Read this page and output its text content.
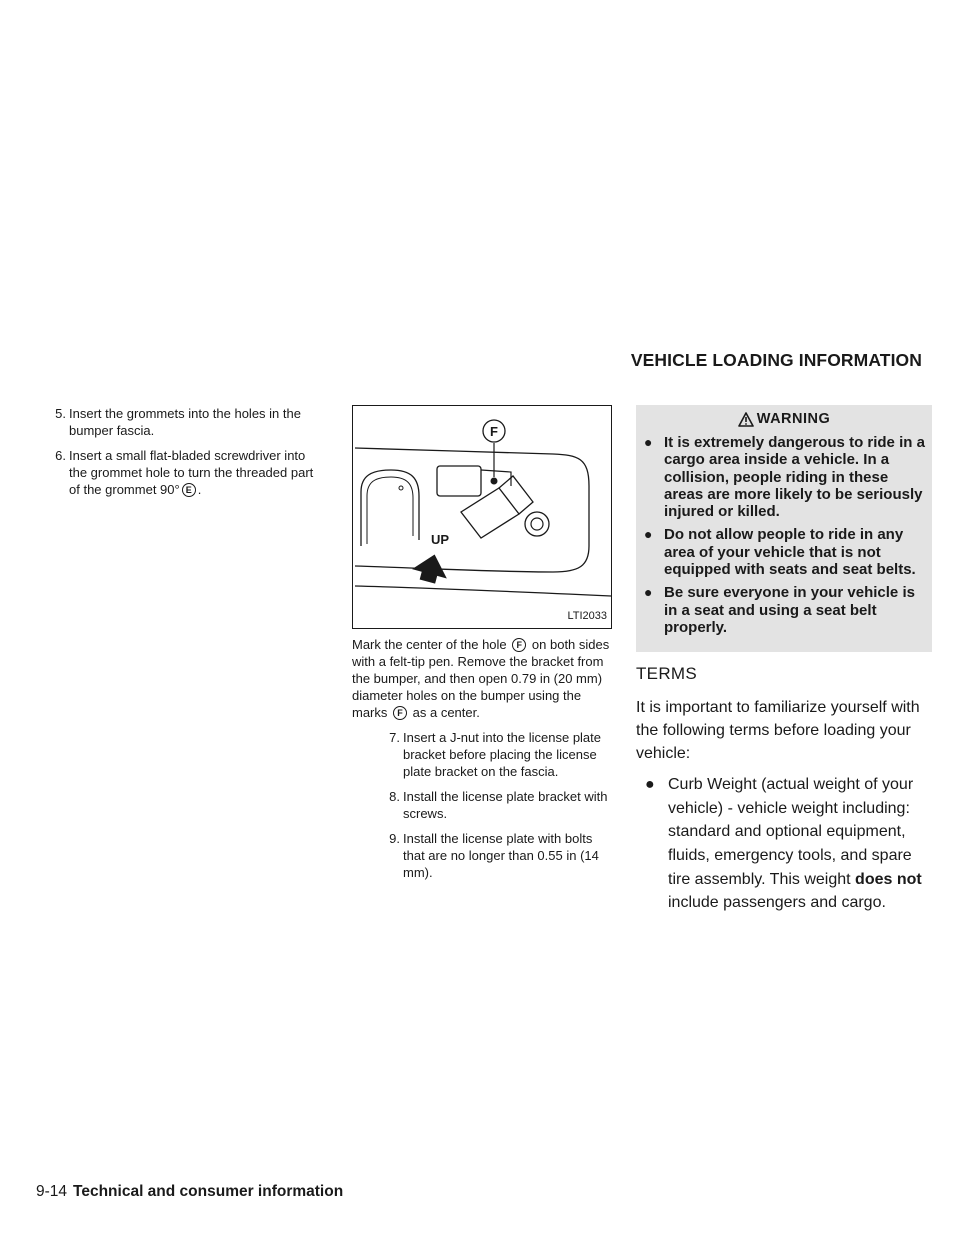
VEHICLE LOADING INFORMATION
5. Insert the grommets into the holes in the bumper fascia.
6. Insert a small flat-bladed screwdriver into the grommet hole to turn the threaded part of the grommet 90° E .
F
UP
LTI2033
Mark the center of the hole F on both sides with a felt-tip pen. Remove the bracket from the bumper, and then open 0.79 in (20 mm) diameter holes on the bumper using the marks F as a center.
7. Insert a J-nut into the license plate bracket before placing the license plate bracket on the fascia.
8. Install the license plate bracket with screws.
9. Install the license plate with bolts that are no longer than 0.55 in (14 mm).
WARNING
● It is extremely dangerous to ride in a cargo area inside a vehicle. In a collision, people riding in these areas are more likely to be seriously injured or killed.
● Do not allow people to ride in any area of your vehicle that is not equipped with seats and seat belts.
● Be sure everyone in your vehicle is in a seat and using a seat belt properly.
TERMS
It is important to familiarize yourself with the following terms before loading your vehicle:
● Curb Weight (actual weight of your vehicle) - vehicle weight including: standard and optional equipment, fluids, emergency tools, and spare tire assembly. This weight does not include passengers and cargo.
9-14 Technical and consumer information
